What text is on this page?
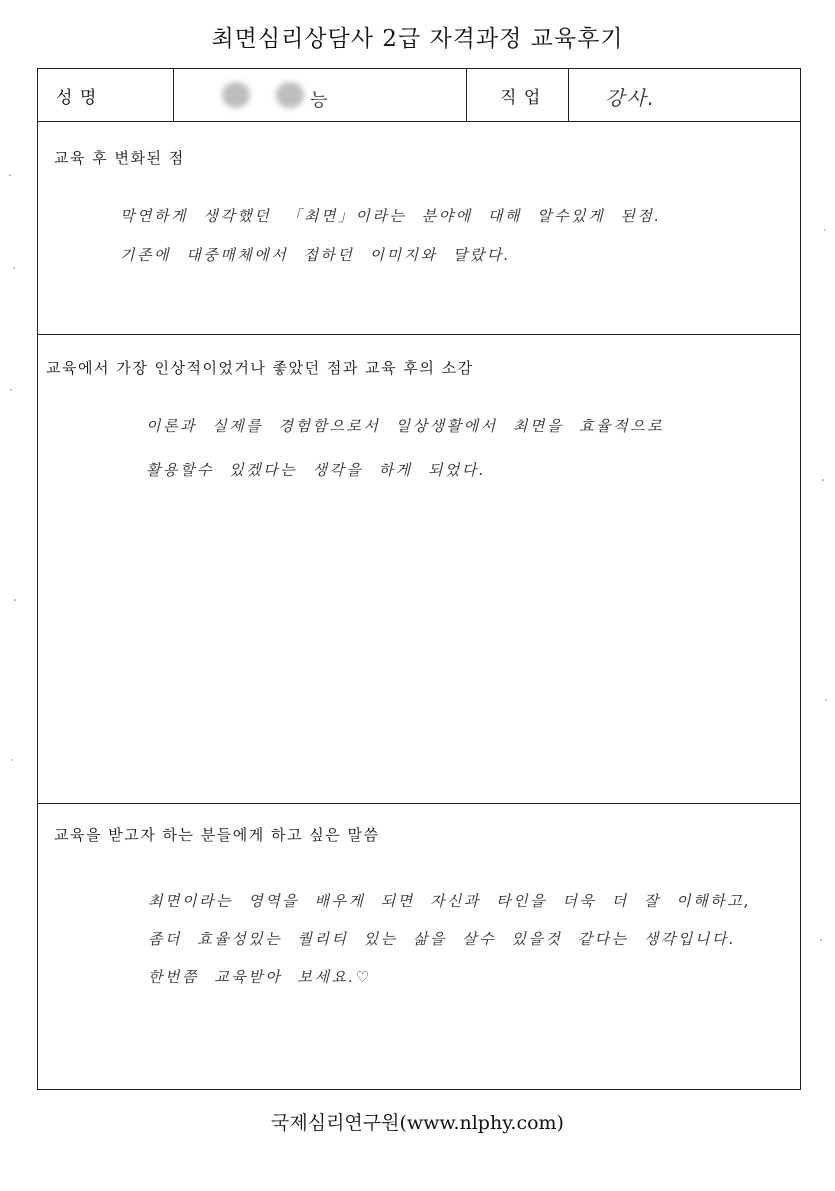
최면심리상담사 2급 자격과정 교육후기
성 명	능	직 업	강사.
교육 후 변화된 점
막연하게 생각했던 「최면」이라는 분야에 대해 알수있게 된점.
기존에 대중매체에서 접하던 이미지와 달랐다.
교육에서 가장 인상적이었거나 좋았던 점과 교육 후의 소감
이론과 실제를 경험함으로서 일상생활에서 최면을 효율적으로
활용할수 있겠다는 생각을 하게 되었다.
교육을 받고자 하는 분들에게 하고 싶은 말씀
최면이라는 영역을 배우게 되면 자신과 타인을 더욱 더 잘 이해하고,
좀더 효율성있는 퀄리티 있는 삶을 살수 있을것 같다는 생각입니다.
한번쯤 교육받아 보세요.♡
국제심리연구원(www.nlphy.com)
